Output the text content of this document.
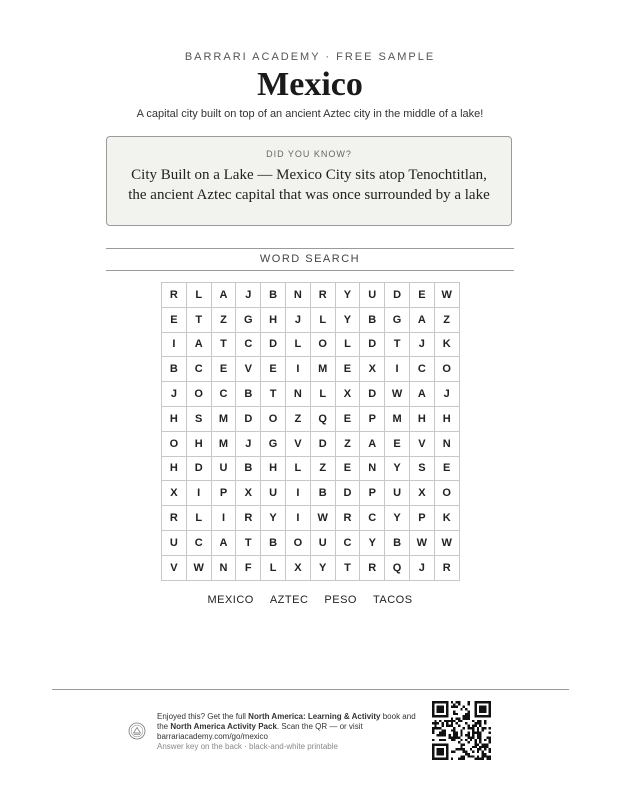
BARRARI ACADEMY · FREE SAMPLE
Mexico
A capital city built on top of an ancient Aztec city in the middle of a lake!
DID YOU KNOW?
City Built on a Lake — Mexico City sits atop Tenochtitlan, the ancient Aztec capital that was once surrounded by a lake
WORD SEARCH
R	L	A	J	B	N	R	Y	U	D	E	W
E	T	Z	G	H	J	L	Y	B	G	A	Z
I	A	T	C	D	L	O	L	D	T	J	K
B	C	E	V	E	I	M	E	X	I	C	O
J	O	C	B	T	N	L	X	D	W	A	J
H	S	M	D	O	Z	Q	E	P	M	H	H
O	H	M	J	G	V	D	Z	A	E	V	N
H	D	U	B	H	L	Z	E	N	Y	S	E
X	I	P	X	U	I	B	D	P	U	X	O
R	L	I	R	Y	I	W	R	C	Y	P	K
U	C	A	T	B	O	U	C	Y	B	W	W
V	W	N	F	L	X	Y	T	R	Q	J	R
MEXICO AZTEC PESO TACOS
Enjoyed this? Get the full North America: Learning & Activity book and the North America Activity Pack. Scan the QR — or visit
barrariacademy.com/go/mexico
Answer key on the back · black-and-white printable
